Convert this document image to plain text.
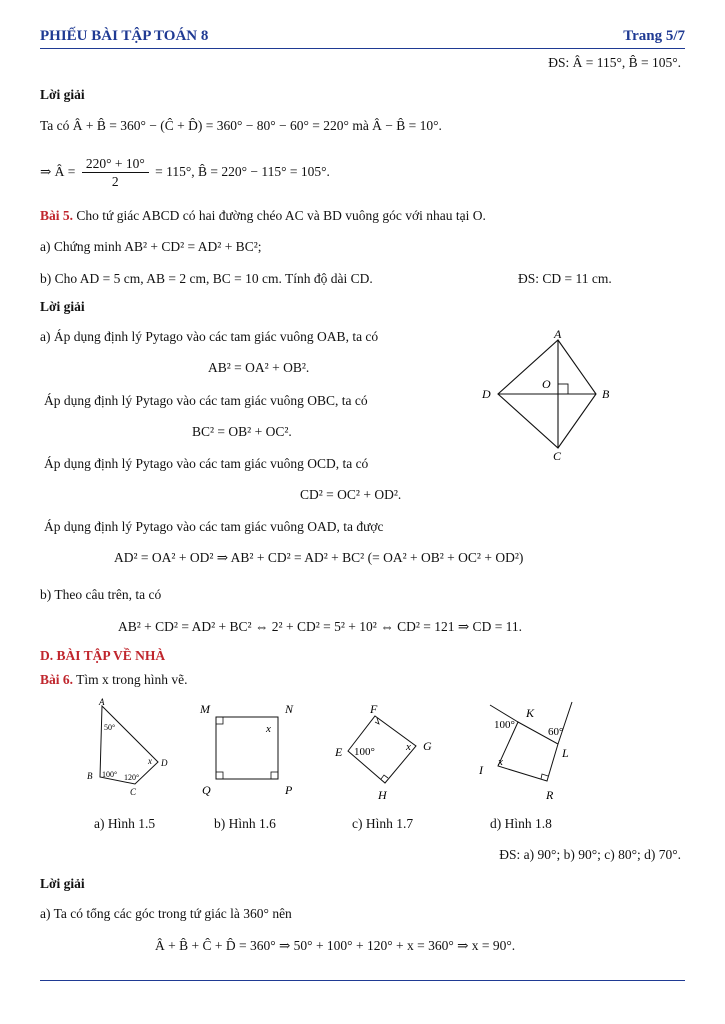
PHIẾU BÀI TẬP TOÁN 8	Trang 5/7
ĐS: Â = 115°, B̂ = 105°.
Lời giải
Ta có Â + B̂ = 360° − (Ĉ + D̂) = 360° − 80° − 60° = 220° mà Â − B̂ = 10°.
⇒ Â = $\frac{220^\circ + 10^\circ}{2} = 115^\circ$, B̂ = 220° − 115° = 105°.
Bài 5. Cho tứ giác ABCD có hai đường chéo AC và BD vuông góc với nhau tại O.
a) Chứng minh AB² + CD² = AD² + BC²;
b) Cho AD = 5 cm, AB = 2 cm, BC = 10 cm. Tính độ dài CD.	ĐS: CD = 11 cm.
Lời giải
a) Áp dụng định lý Pytago vào các tam giác vuông OAB, ta có
AB² = OA² + OB².
Áp dụng định lý Pytago vào các tam giác vuông OBC, ta có
BC² = OB² + OC².
Áp dụng định lý Pytago vào các tam giác vuông OCD, ta có
CD² = OC² + OD².
Áp dụng định lý Pytago vào các tam giác vuông OAD, ta được
AD² = OA² + OD² ⇒ AB² + CD² = AD² + BC² (= OA² + OB² + OC² + OD²)
b) Theo câu trên, ta có
AB² + CD² = AD² + BC² ⇔ 2² + CD² = 5² + 10² ⇔ CD² = 121 ⇒ CD = 11.
A
B
C
D
O
D. BÀI TẬP VỀ NHÀ
Bài 6. Tìm x trong hình vẽ.
A
D
C
B
50°
100° 120°
x
M	N
Q	P
x
F
G
H
E 100°	x
K
L
R
I
100°
60°
x
a) Hình 1.5	b) Hình 1.6	c) Hình 1.7	d) Hình 1.8
ĐS: a) 90°; b) 90°; c) 80°; d) 70°.
Lời giải
a) Ta có tổng các góc trong tứ giác là 360° nên
Â + B̂ + Ĉ + D̂ = 360° ⇒ 50° + 100° + 120° + x = 360° ⇒ x = 90°.
